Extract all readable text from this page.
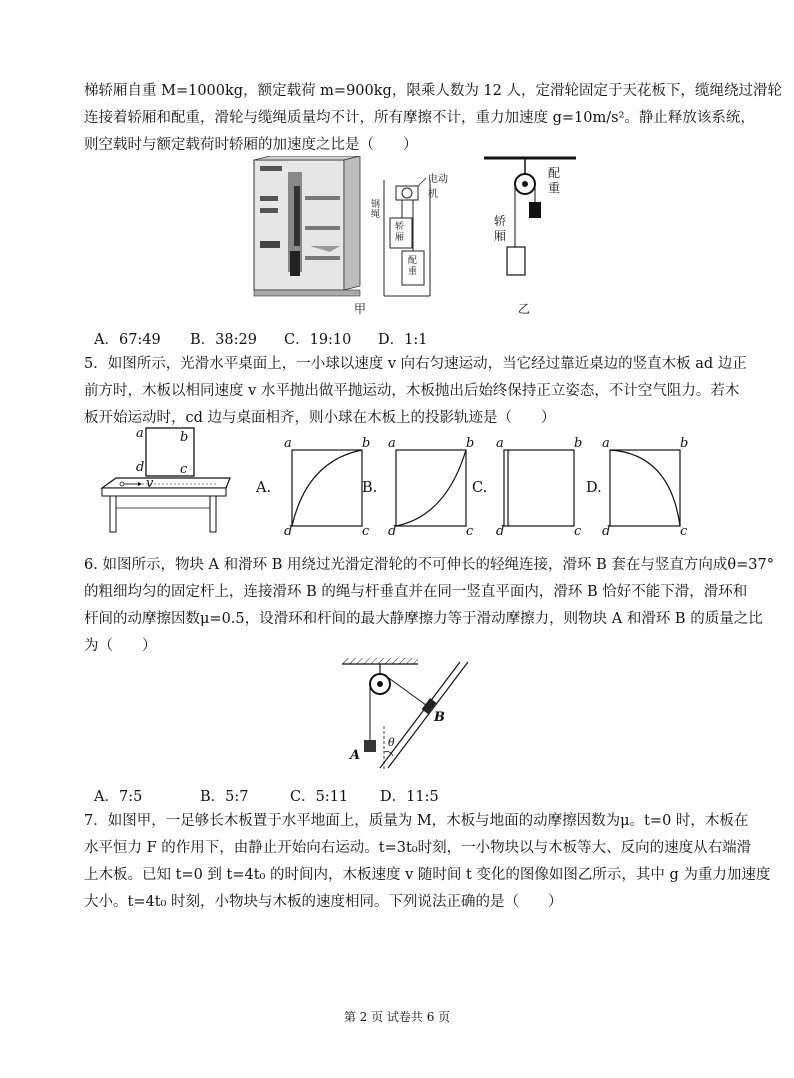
梯轿厢自重 M=1000kg，额定载荷 m=900kg，限乘人数为 12 人，定滑轮固定于天花板下，缆绳绕过滑轮
连接着轿厢和配重，滑轮与缆绳质量均不计，所有摩擦不计，重力加速度 g=10m/s²。静止释放该系统，
则空载时与额定载荷时轿厢的加速度之比是（　　）
电动机
钢绳
轿厢
配重
甲
配重
轿厢
乙
A．67:49 B．38:29 C．19:10 D．1:1
5．如图所示，光滑水平桌面上，一小球以速度 v 向右匀速运动，当它经过靠近桌边的竖直木板 ad 边正
前方时，木板以相同速度 v 水平抛出做平抛运动，木板抛出后始终保持正立姿态，不计空气阻力。若木
板开始运动时，cd 边与桌面相齐，则小球在木板上的投影轨迹是（　　）
a	b
c
d
v	A.
a	b
c
d
B.
a	b
c
d
C.
a	b
c
d
D.
a	b
c
d
6. 如图所示，物块 A 和滑环 B 用绕过光滑定滑轮的不可伸长的轻绳连接，滑环 B 套在与竖直方向成θ=37°
的粗细均匀的固定杆上，连接滑环 B 的绳与杆垂直并在同一竖直平面内，滑环 B 恰好不能下滑，滑环和
杆间的动摩擦因数μ=0.5，设滑环和杆间的最大静摩擦力等于滑动摩擦力，则物块 A 和滑环 B 的质量之比
为（　　）
A
B
θ
A．7:5	B．5:7	C．5:11 D．11:5
7．如图甲，一足够长木板置于水平地面上，质量为 M，木板与地面的动摩擦因数为μ。t=0 时，木板在
水平恒力 F 的作用下，由静止开始向右运动。t=3t₀时刻，一小物块以与木板等大、反向的速度从右端滑
上木板。已知 t=0 到 t=4t₀ 的时间内，木板速度 v 随时间 t 变化的图像如图乙所示，其中 g 为重力加速度
大小。t=4t₀ 时刻，小物块与木板的速度相同。下列说法正确的是（　　）
第 2 页 试卷共 6 页
